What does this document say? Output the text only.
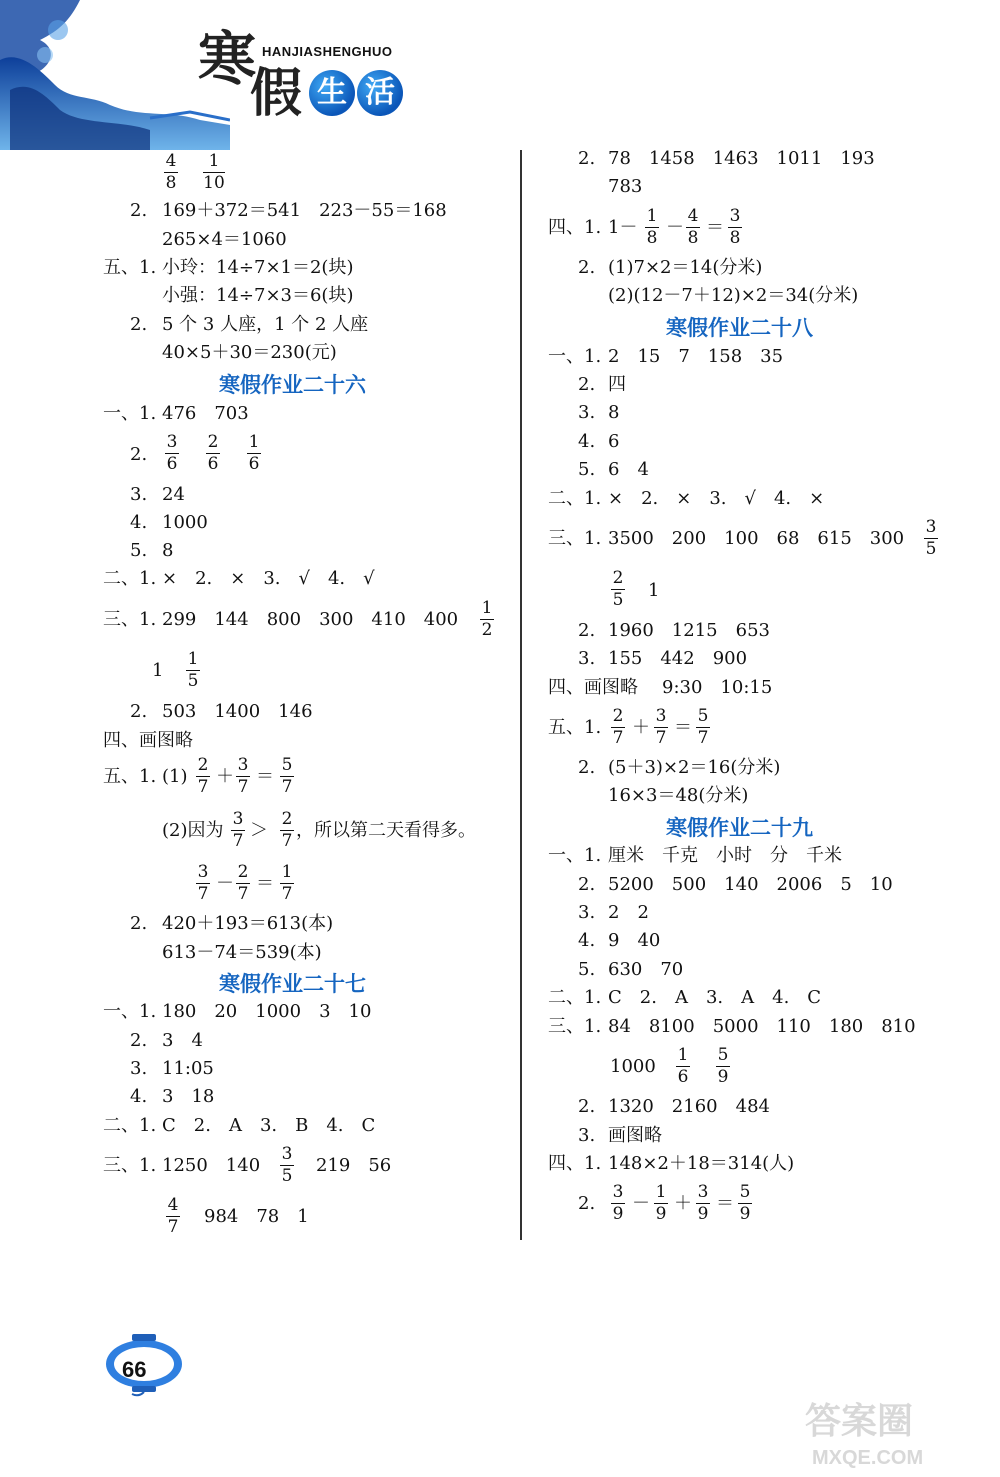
寒 HANJIASHENGHUO
假 生 活
4
8
1
10
2. 169＋372＝541　223－55＝168
265×4＝1060
五、1. 小玲：14÷7×1＝2(块)
小强：14÷7×3＝6(块)
2. 5 个 3 人座，1 个 2 人座
40×5＋30＝230(元)
寒假作业二十六
一、1. 476　703
2.
3
6
2
6
1
6
3. 24
4. 1000
5. 8
二、1. ×　2.　×　3.　√　4.　√
三、1. 299　144　800　300　410　400
1
2
1
1
5
2. 503　1400　146
四、画图略
五、1. (1)
2
7 ＋
3
7 ＝
5
7
(2)因为
3
7 ＞
2
7 ，所以第二天看得多。
3
7 －
2
7 ＝
1
7
2. 420＋193＝613(本)
613－74＝539(本)
寒假作业二十七
一、1. 180　20　1000　3　10
2. 3　4
3. 11:05
4. 3　18
二、1. C　2.　A　3.　B　4.　C
三、1. 1250　140
3
5 219　56
4
7 984　78　1
2. 78　1458　1463　1011　193
783
四、1. 1－
1
8 －
4
8 ＝
3
8
2. (1)7×2＝14(分米)
(2)(12－7＋12)×2＝34(分米)
寒假作业二十八
一、1. 2　15　7　158　35
2. 四
3. 8
4. 6
5. 6　4
二、1. ×　2.　×　3.　√　4.　×
三、1. 3500　200　100　68　615　300
3
5
2
5 1
2. 1960　1215　653
3. 155　442　900
四、画图略 9:30　10:15
五、1.
2
7 ＋
3
7 ＝
5
7
2. (5＋3)×2＝16(分米)
16×3＝48(分米)
寒假作业二十九
一、1. 厘米　千克　小时　分　千米
2. 5200　500　140　2006　5　10
3. 2　2
4. 9　40
5. 630　70
二、1. C　2.　A　3.　A　4.　C
三、1. 84　8100　5000　110　180　810
1000
1
6
5
9
2. 1320　2160　484
3. 画图略
四、1. 148×2＋18＝314(人)
2.
3
9 －
1
9 ＋
3
9 ＝
5
9
66
答案圈
MXQE.COM
